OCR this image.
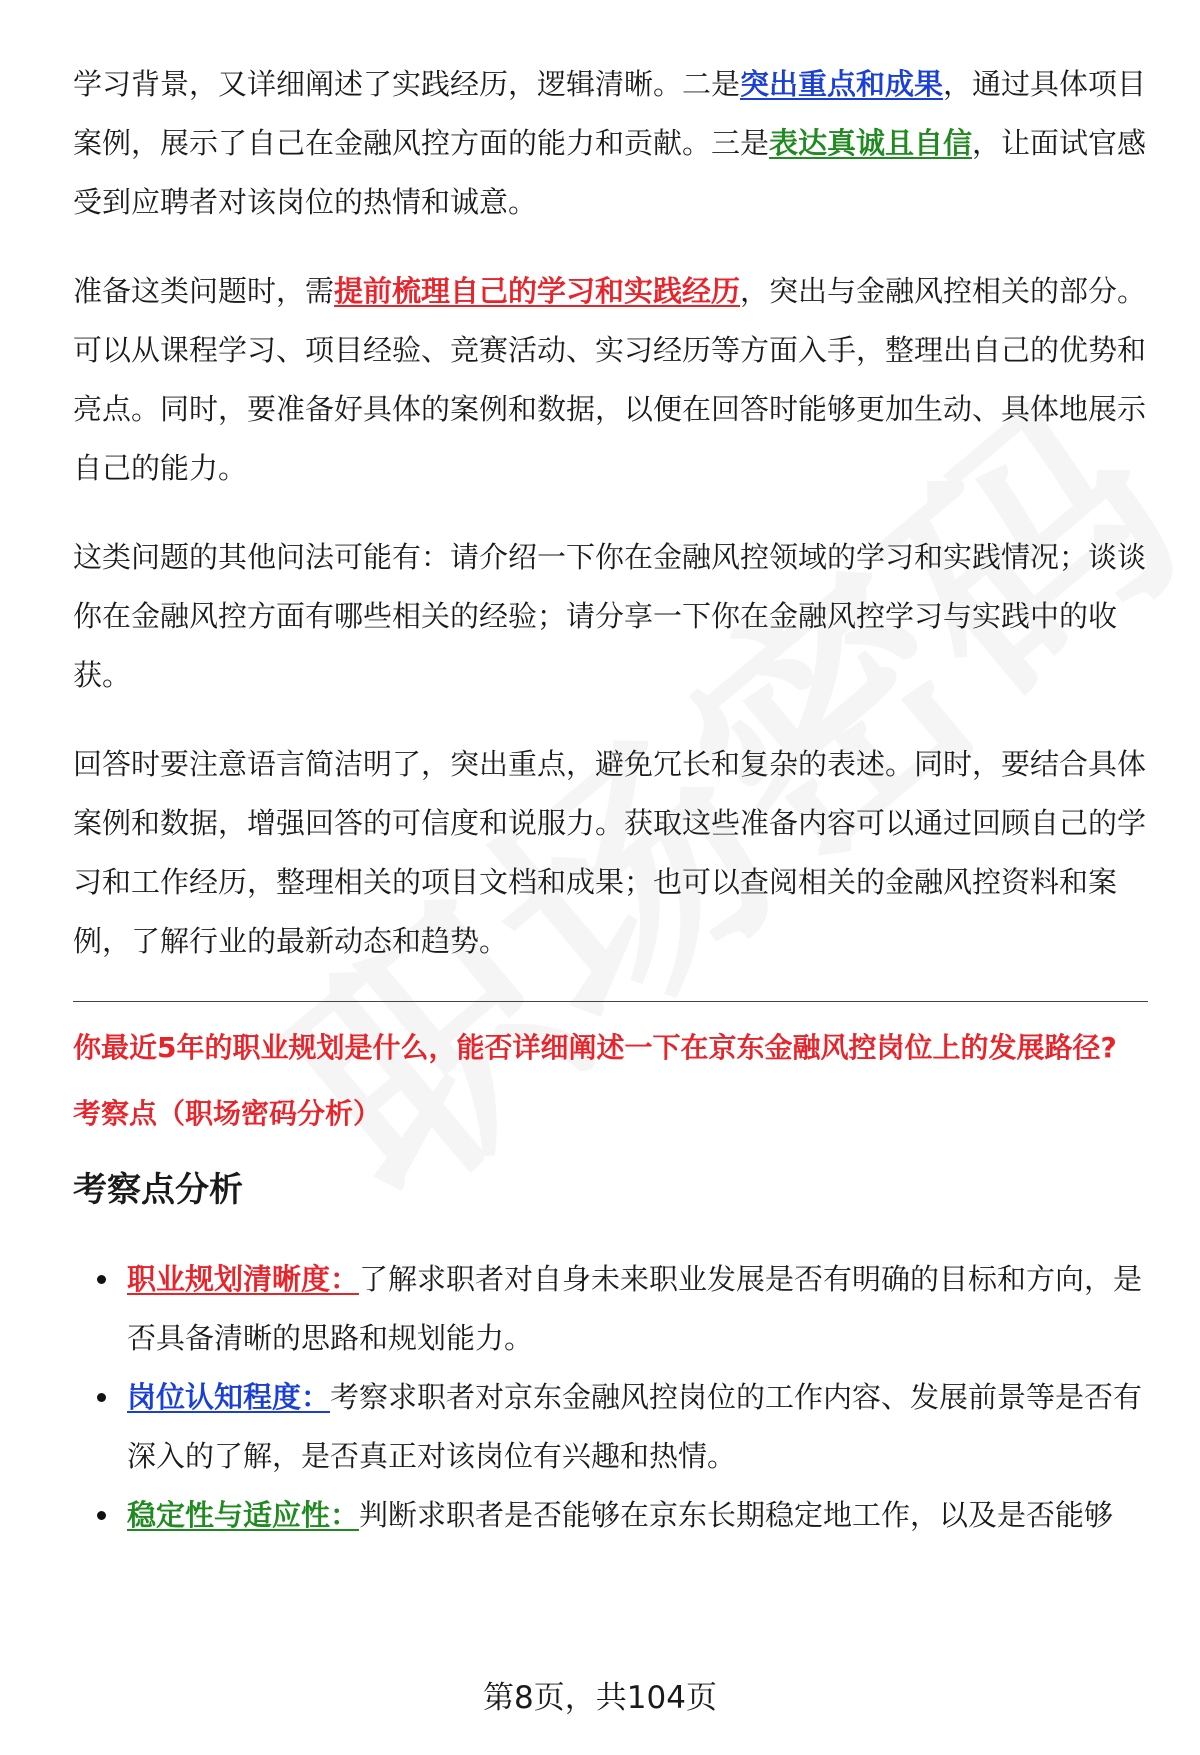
学习背景，又详细阐述了实践经历，逻辑清晰。二是突出重点和成果，通过具体项目案例，展示了自己在金融风控方面的能力和贡献。三是表达真诚且自信，让面试官感受到应聘者对该岗位的热情和诚意。

准备这类问题时，需提前梳理自己的学习和实践经历，突出与金融风控相关的部分。可以从课程学习、项目经验、竞赛活动、实习经历等方面入手，整理出自己的优势和亮点。同时，要准备好具体的案例和数据，以便在回答时能够更加生动、具体地展示自己的能力。

这类问题的其他问法可能有：请介绍一下你在金融风控领域的学习和实践情况；谈谈你在金融风控方面有哪些相关的经验；请分享一下你在金融风控学习与实践中的收获。

回答时要注意语言简洁明了，突出重点，避免冗长和复杂的表述。同时，要结合具体案例和数据，增强回答的可信度和说服力。获取这些准备内容可以通过回顾自己的学习和工作经历，整理相关的项目文档和成果；也可以查阅相关的金融风控资料和案例，了解行业的最新动态和趋势。

你最近5年的职业规划是什么，能否详细阐述一下在京东金融风控岗位上的发展路径?
考察点（职场密码分析）
考察点分析
职业规划清晰度：了解求职者对自身未来职业发展是否有明确的目标和方向，是否具备清晰的思路和规划能力。
岗位认知程度：考察求职者对京东金融风控岗位的工作内容、发展前景等是否有深入的了解，是否真正对该岗位有兴趣和热情。
稳定性与适应性：判断求职者是否能够在京东长期稳定地工作，以及是否能够
第8页，共104页
